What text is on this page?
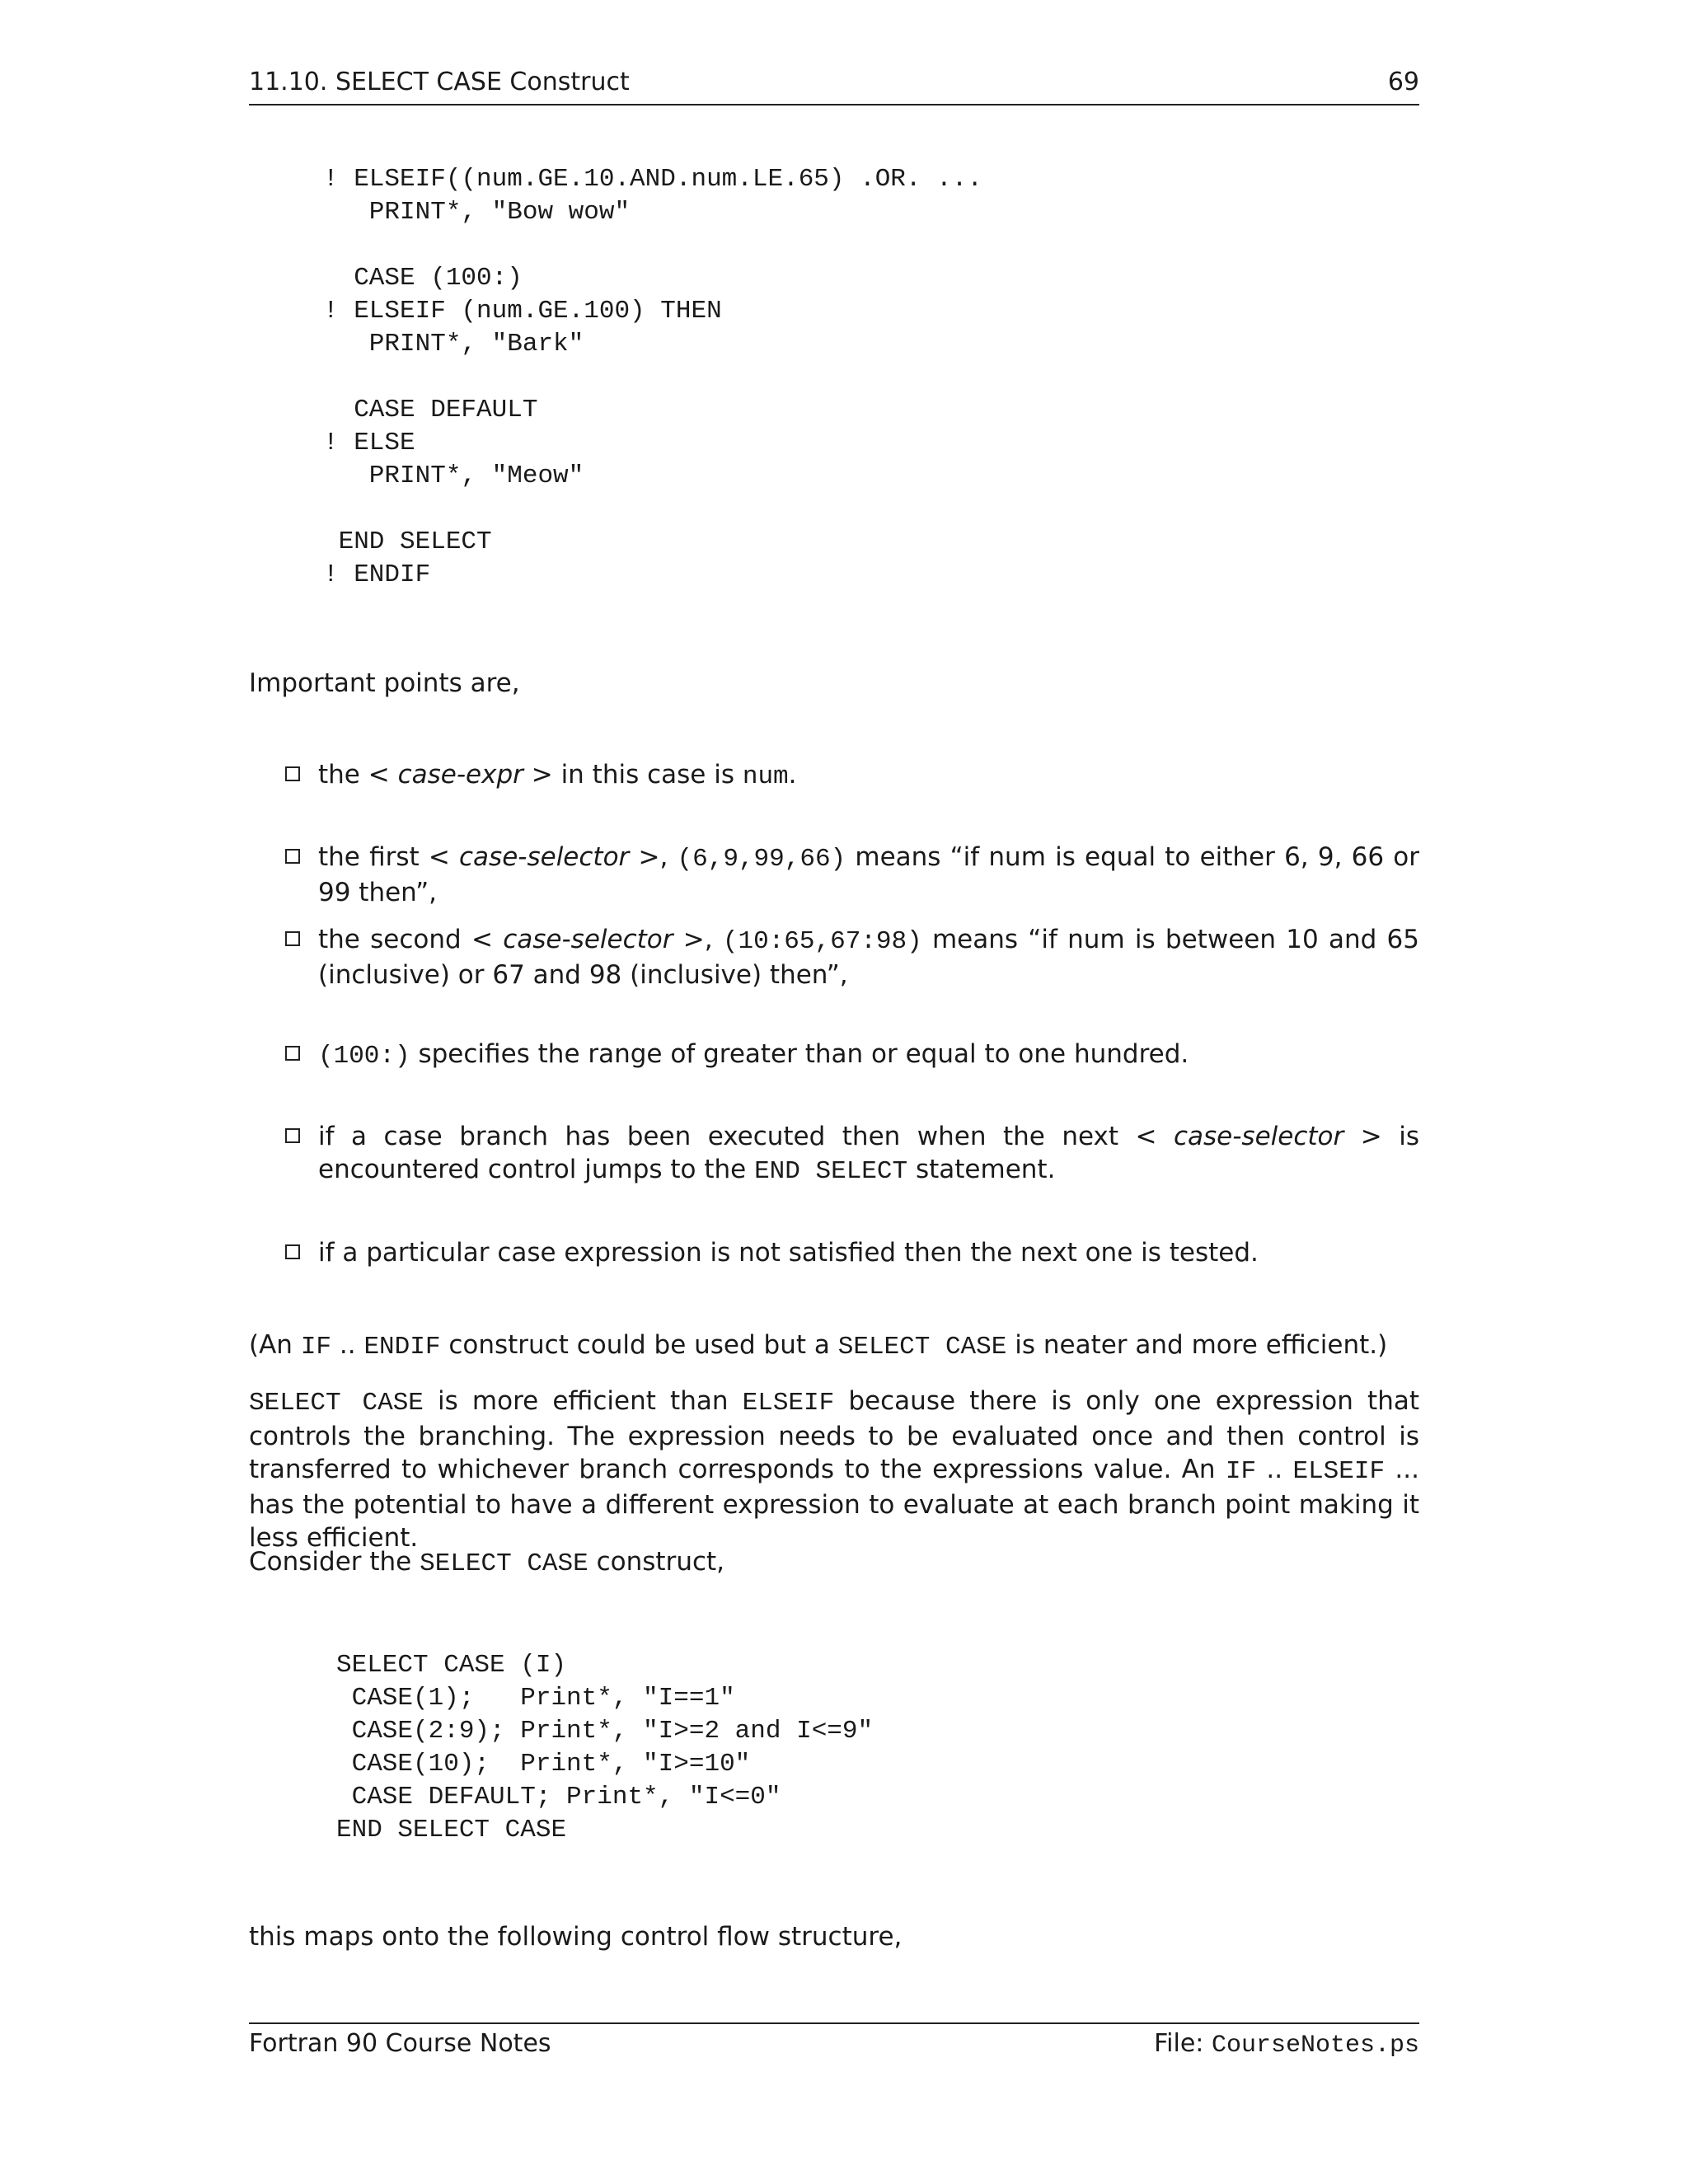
11.10. SELECT CASE Construct	69
! ELSEIF((num.GE.10.AND.num.LE.65) .OR. ...
PRINT*, "Bow wow"

CASE (100:)
! ELSEIF (num.GE.100) THEN
PRINT*, "Bark"

CASE DEFAULT
! ELSE
PRINT*, "Meow"

END SELECT
! ENDIF

Important points are,

the < case-expr > in this case is num.
the first < case-selector >, (6,9,99,66) means “if num is equal to either 6, 9, 66 or 99 then”,
the second < case-selector >, (10:65,67:98) means “if num is between 10 and 65 (inclusive) or 67 and 98 (inclusive) then”,
(100:) specifies the range of greater than or equal to one hundred.
if a case branch has been executed then when the next < case-selector > is encountered control jumps to the END SELECT statement.
if a particular case expression is not satisfied then the next one is tested.

(An IF .. ENDIF construct could be used but a SELECT CASE is neater and more efficient.)

SELECT CASE is more efficient than ELSEIF because there is only one expression that controls the branching. The expression needs to be evaluated once and then control is transferred to whichever branch corresponds to the expressions value. An IF .. ELSEIF ... has the potential to have a different expression to evaluate at each branch point making it less efficient.

Consider the SELECT CASE construct,

SELECT CASE (I)
CASE(1);   Print*, "I==1"
CASE(2:9); Print*, "I>=2 and I<=9"
CASE(10);  Print*, "I>=10"
CASE DEFAULT; Print*, "I<=0"
END SELECT CASE

this maps onto the following control flow structure,

Fortran 90 Course Notes	File: CourseNotes.ps
